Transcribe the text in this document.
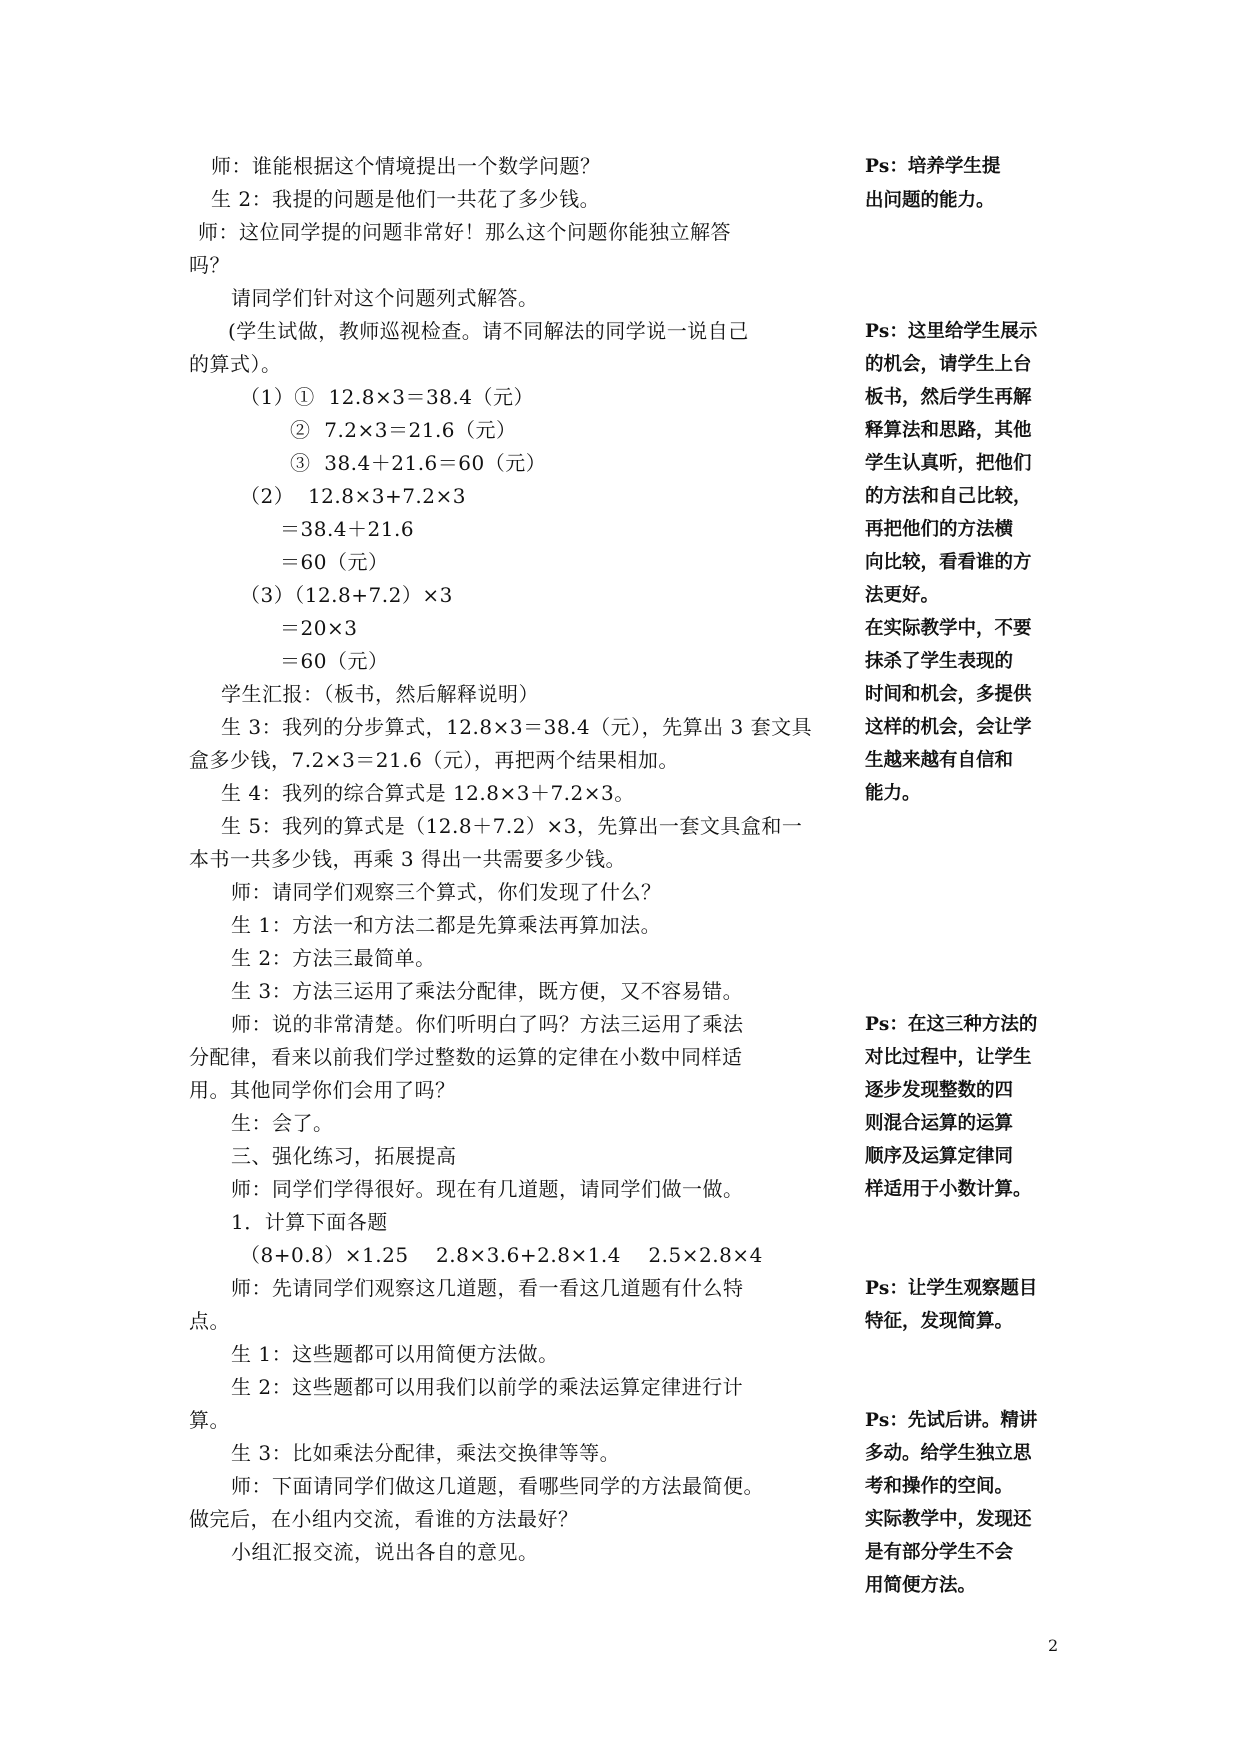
师：谁能根据这个情境提出一个数学问题？
生 2：我提的问题是他们一共花了多少钱。
师：这位同学提的问题非常好！那么这个问题你能独立解答
吗？
请同学们针对这个问题列式解答。
(学生试做，教师巡视检查。请不同解法的同学说一说自己
的算式）。
（1）①  12.8×3＝38.4（元）
②  7.2×3＝21.6（元）
③  38.4＋21.6＝60（元）
（2）  12.8×3+7.2×3
＝38.4＋21.6
＝60（元）
（3）（12.8+7.2）×3
＝20×3
＝60（元）
学生汇报：（板书，然后解释说明）
生 3：我列的分步算式，12.8×3＝38.4（元），先算出 3 套文具
盒多少钱，7.2×3＝21.6（元），再把两个结果相加。
生 4：我列的综合算式是 12.8×3＋7.2×3。
生 5：我列的算式是（12.8＋7.2）×3，先算出一套文具盒和一
本书一共多少钱，再乘 3 得出一共需要多少钱。
师：请同学们观察三个算式，你们发现了什么？
生 1：方法一和方法二都是先算乘法再算加法。
生 2：方法三最简单。
生 3：方法三运用了乘法分配律，既方便，又不容易错。
师：说的非常清楚。你们听明白了吗？方法三运用了乘法
分配律，看来以前我们学过整数的运算的定律在小数中同样适
用。其他同学你们会用了吗？
生：会了。
三、强化练习，拓展提高
师：同学们学得很好。现在有几道题，请同学们做一做。
1．计算下面各题
（8+0.8）×1.25    2.8×3.6+2.8×1.4    2.5×2.8×4
师：先请同学们观察这几道题，看一看这几道题有什么特
点。
生 1：这些题都可以用简便方法做。
生 2：这些题都可以用我们以前学的乘法运算定律进行计
算。
生 3：比如乘法分配律，乘法交换律等等。
师：下面请同学们做这几道题，看哪些同学的方法最简便。
做完后，在小组内交流，看谁的方法最好？
小组汇报交流，说出各自的意见。
Ps：培养学生提
出问题的能力。
Ps：这里给学生展示
的机会，请学生上台
板书，然后学生再解
释算法和思路，其他
学生认真听，把他们
的方法和自己比较，
再把他们的方法横
向比较，看看谁的方
法更好。
在实际教学中，不要
抹杀了学生表现的
时间和机会，多提供
这样的机会，会让学
生越来越有自信和
能力。
Ps：在这三种方法的
对比过程中，让学生
逐步发现整数的四
则混合运算的运算
顺序及运算定律同
样适用于小数计算。
Ps：让学生观察题目
特征，发现简算。
Ps：先试后讲。精讲
多动。给学生独立思
考和操作的空间。
实际教学中，发现还
是有部分学生不会
用简便方法。
2
